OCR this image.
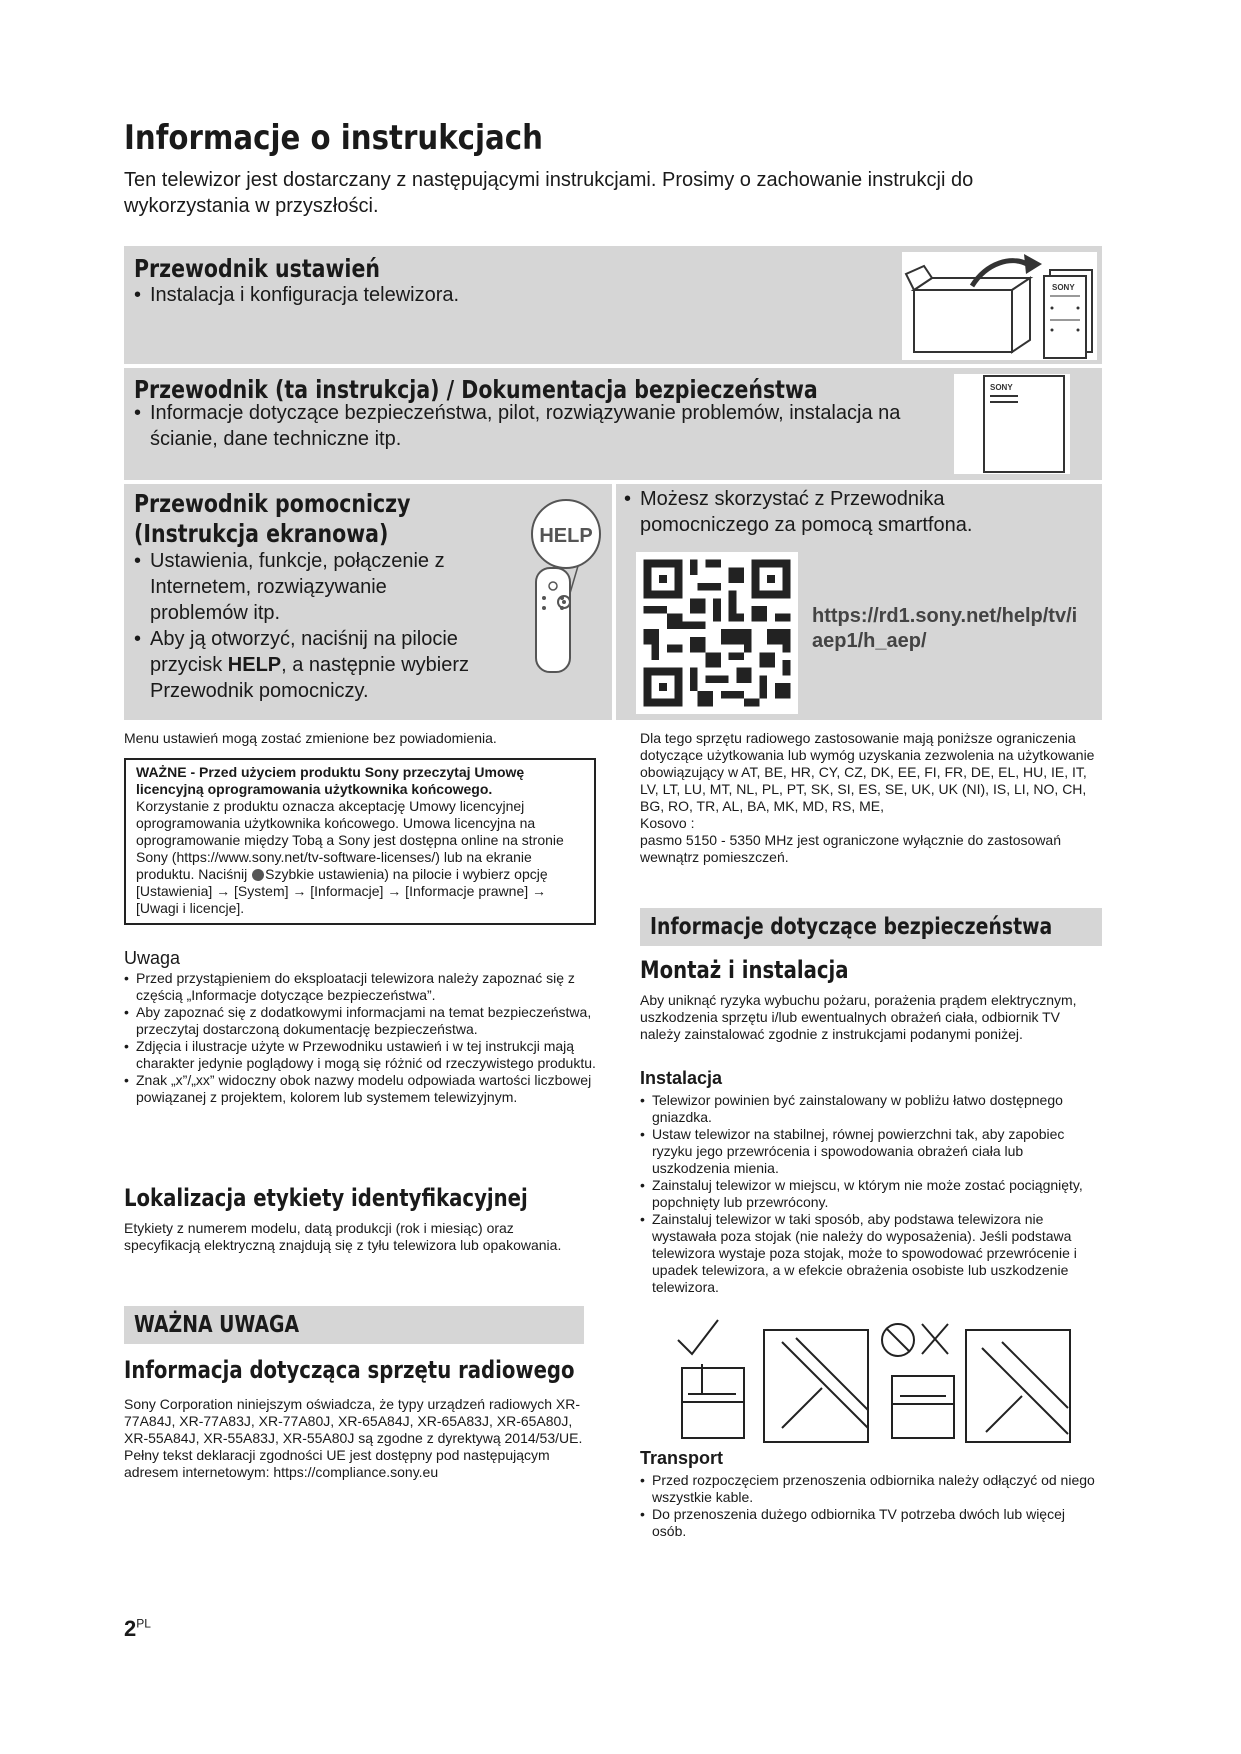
Informacje o instrukcjach

Ten telewizor jest dostarczany z następującymi instrukcjami. Prosimy o zachowanie instrukcji do wykorzystania w przyszłości.

Przewodnik ustawień
• Instalacja i konfiguracja telewizora.	SONY
Przewodnik (ta instrukcja) / Dokumentacja bezpieczeństwa
• Informacje dotyczące bezpieczeństwa, pilot, rozwiązywanie problemów, instalacja na ścianie, dane techniczne itp.
SONY
Przewodnik pomocniczy (Instrukcja ekranowa)
• Ustawienia, funkcje, połączenie z Internetem, rozwiązywanie problemów itp.
• Aby ją otworzyć, naciśnij na pilocie przycisk HELP, a następnie wybierz Przewodnik pomocniczy.
HELP
• Możesz skorzystać z Przewodnika pomocniczego za pomocą smartfona.
https://rd1.sony.net/help/tv/iaep1/h_aep/
Menu ustawień mogą zostać zmienione bez powiadomienia.

WAŻNE - Przed użyciem produktu Sony przeczytaj Umowę licencyjną oprogramowania użytkownika końcowego.

Korzystanie z produktu oznacza akceptację Umowy licencyjnej oprogramowania użytkownika końcowego. Umowa licencyjna na oprogramowanie między Tobą a Sony jest dostępna online na stronie Sony (https://www.sony.net/tv-software-licenses/) lub na ekranie produktu. Naciśnij Szybkie ustawienia) na pilocie i wybierz opcję [Ustawienia] → [System] → [Informacje] → [Informacje prawne] → [Uwagi i licencje].

Uwaga

• Przed przystąpieniem do eksploatacji telewizora należy zapoznać się z częścią „Informacje dotyczące bezpieczeństwa”.

• Aby zapoznać się z dodatkowymi informacjami na temat bezpieczeństwa, przeczytaj dostarczoną dokumentację bezpieczeństwa.

• Zdjęcia i ilustracje użyte w Przewodniku ustawień i w tej instrukcji mają charakter jedynie poglądowy i mogą się różnić od rzeczywistego produktu.

• Znak „x”/„xx” widoczny obok nazwy modelu odpowiada wartości liczbowej powiązanej z projektem, kolorem lub systemem telewizyjnym.

Lokalizacja etykiety identyfikacyjnej
Etykiety z numerem modelu, datą produkcji (rok i miesiąc) oraz specyfikacją elektryczną znajdują się z tyłu telewizora lub opakowania.
WAŻNA UWAGA
Informacja dotycząca sprzętu radiowego
Sony Corporation niniejszym oświadcza, że typy urządzeń radiowych XR-77A84J, XR-77A83J, XR-77A80J, XR-65A84J, XR-65A83J, XR-65A80J, XR-55A84J, XR-55A83J, XR-55A80J są zgodne z dyrektywą 2014/53/UE. Pełny tekst deklaracji zgodności UE jest dostępny pod następującym adresem internetowym: https://compliance.sony.eu

Dla tego sprzętu radiowego zastosowanie mają poniższe ograniczenia dotyczące użytkowania lub wymóg uzyskania zezwolenia na użytkowanie obowiązujący w AT, BE, HR, CY, CZ, DK, EE, FI, FR, DE, EL, HU, IE, IT, LV, LT, LU, MT, NL, PL, PT, SK, SI, ES, SE, UK, UK (NI), IS, LI, NO, CH, BG, RO, TR, AL, BA, MK, MD, RS, ME,

Kosovo :

pasmo 5150 - 5350 MHz jest ograniczone wyłącznie do zastosowań wewnątrz pomieszczeń.

Informacje dotyczące bezpieczeństwa
Montaż i instalacja
Aby uniknąć ryzyka wybuchu pożaru, porażenia prądem elektrycznym, uszkodzenia sprzętu i/lub ewentualnych obrażeń ciała, odbiornik TV należy zainstalować zgodnie z instrukcjami podanymi poniżej.
Instalacja

• Telewizor powinien być zainstalowany w pobliżu łatwo dostępnego gniazdka.

• Ustaw telewizor na stabilnej, równej powierzchni tak, aby zapobiec ryzyku jego przewrócenia i spowodowania obrażeń ciała lub uszkodzenia mienia.

• Zainstaluj telewizor w miejscu, w którym nie może zostać pociągnięty, popchnięty lub przewrócony.

• Zainstaluj telewizor w taki sposób, aby podstawa telewizora nie wystawała poza stojak (nie należy do wyposażenia). Jeśli podstawa telewizora wystaje poza stojak, może to spowodować przewrócenie i upadek telewizora, a w efekcie obrażenia osobiste lub uszkodzenie telewizora.

Transport

• Przed rozpoczęciem przenoszenia odbiornika należy odłączyć od niego wszystkie kable.

• Do przenoszenia dużego odbiornika TV potrzeba dwóch lub więcej osób.

$2^{PL}$
